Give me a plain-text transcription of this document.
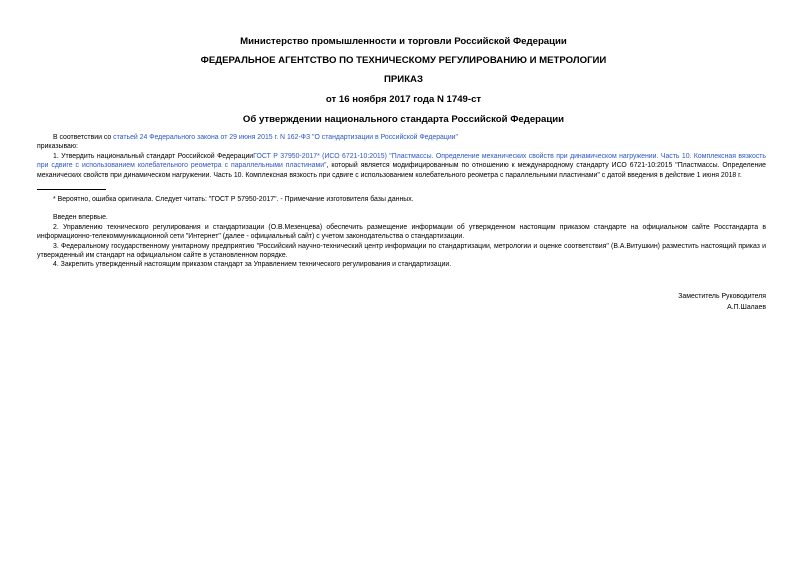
Министерство промышленности и торговли Российской Федерации
ФЕДЕРАЛЬНОЕ АГЕНТСТВО ПО ТЕХНИЧЕСКОМУ РЕГУЛИРОВАНИЮ И МЕТРОЛОГИИ
ПРИКАЗ
от 16 ноября 2017 года N 1749-ст
Об утверждении национального стандарта Российской Федерации

В соответствии со статьей 24 Федерального закона от 29 июня 2015 г. N 162-ФЗ "О стандартизации в Российской Федерации"

приказываю:

1. Утвердить национальный стандарт Российской ФедерацииГОСТ Р 37950-2017* (ИСО 6721-10:2015) "Пластмассы. Определение механических свойств при динамическом нагружении. Часть 10. Комплексная вязкость при сдвиге с использованием колебательного реометра с параллельными пластинами", который является модифицированным по отношению к международному стандарту ИСО 6721-10:2015 "Пластмассы. Определение механических свойств при динамическом нагружении. Часть 10. Комплексная вязкость при сдвиге с использованием колебательного реометра с параллельными пластинами" с датой введения в действие 1 июня 2018 г.

* Вероятно, ошибка оригинала. Следует читать: "ГОСТ Р 57950-2017". - Примечание изготовителя базы данных.

Введен впервые.

2. Управлению технического регулирования и стандартизации (О.В.Мезенцева) обеспечить размещение информации об утвержденном настоящим приказом стандарте на официальном сайте Росстандарта в информационно-телекоммуникационной сети "Интернет" (далее - официальный сайт) с учетом законодательства о стандартизации.

3. Федеральному государственному унитарному предприятию "Российский научно-технический центр информации по стандартизации, метрологии и оценке соответствия" (В.А.Витушкин) разместить настоящий приказ и утвержденный им стандарт на официальном сайте в установленном порядке.

4. Закрепить утвержденный настоящим приказом стандарт за Управлением технического регулирования и стандартизации.

Заместитель Руководителя
А.П.Шалаев
